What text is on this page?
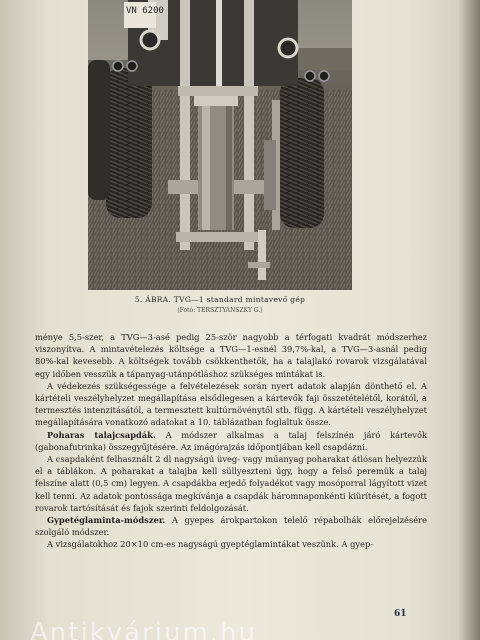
VN 6200
5. ÁBRA. TVG—1 standard mintavevő gép
(Fotó: TERSZTYÁNSZKY G.)

ménye 5,5-szer, a TVG—3-asé pedig 25-ször nagyobb a térfogati kvadrát módszerhez viszonyítva. A mintavételezés költsége a TVG—1-esnél 39,7%-kal, a TVG—3-asnál pedig 80%-kal kevesebb. A költségek tovább csökkenthetők, ha a talajlakó rovarok vizsgálatával egy időben vesszük a tápanyag-utánpótláshoz szükséges mintákat is.

A védekezés szükségessége a felvételezések során nyert adatok alapján dönthető el. A kártételi veszélyhelyzet megállapítása elsődlegesen a kártevők faji összetételétől, korától, a termesztés intenzitásától, a termesztett kultúrnövénytől stb. függ. A kártételi veszélyhelyzet megállapítására vonatkozó adatokat a 10. táblázatban foglaltuk össze.

Poharas talajcsapdák. A módszer alkalmas a talaj felszínén járó kártevők (gabonafutrinka) összegyűjtésére. Az imágórajzás időpontjában kell csapdázni.

A csapdaként felhasznált 2 dl nagyságú üveg- vagy műanyag poharakat átlósan helyezzük el a táblákon. A poharakat a talajba kell süllyeszteni úgy, hogy a felső peremük a talaj felszíne alatt (0,5 cm) legyen. A csapdákba erjedő folyadékot vagy mosóporral lágyított vizet kell tenni. Az adatok pontossága megkívánja a csapdák háromnaponkénti kiürítését, a fogott rovarok tartósítását és fajok szerinti feldolgozását.

Gypetéglaminta-módszer. A gyepes árokpartokon telelő répabolhák előrejelzésére szolgáló módszer.

A vizsgálatokhoz 20×10 cm-es nagyságú gyeptéglamintákat veszünk. A gyep-

61
Antikvárium.hu
